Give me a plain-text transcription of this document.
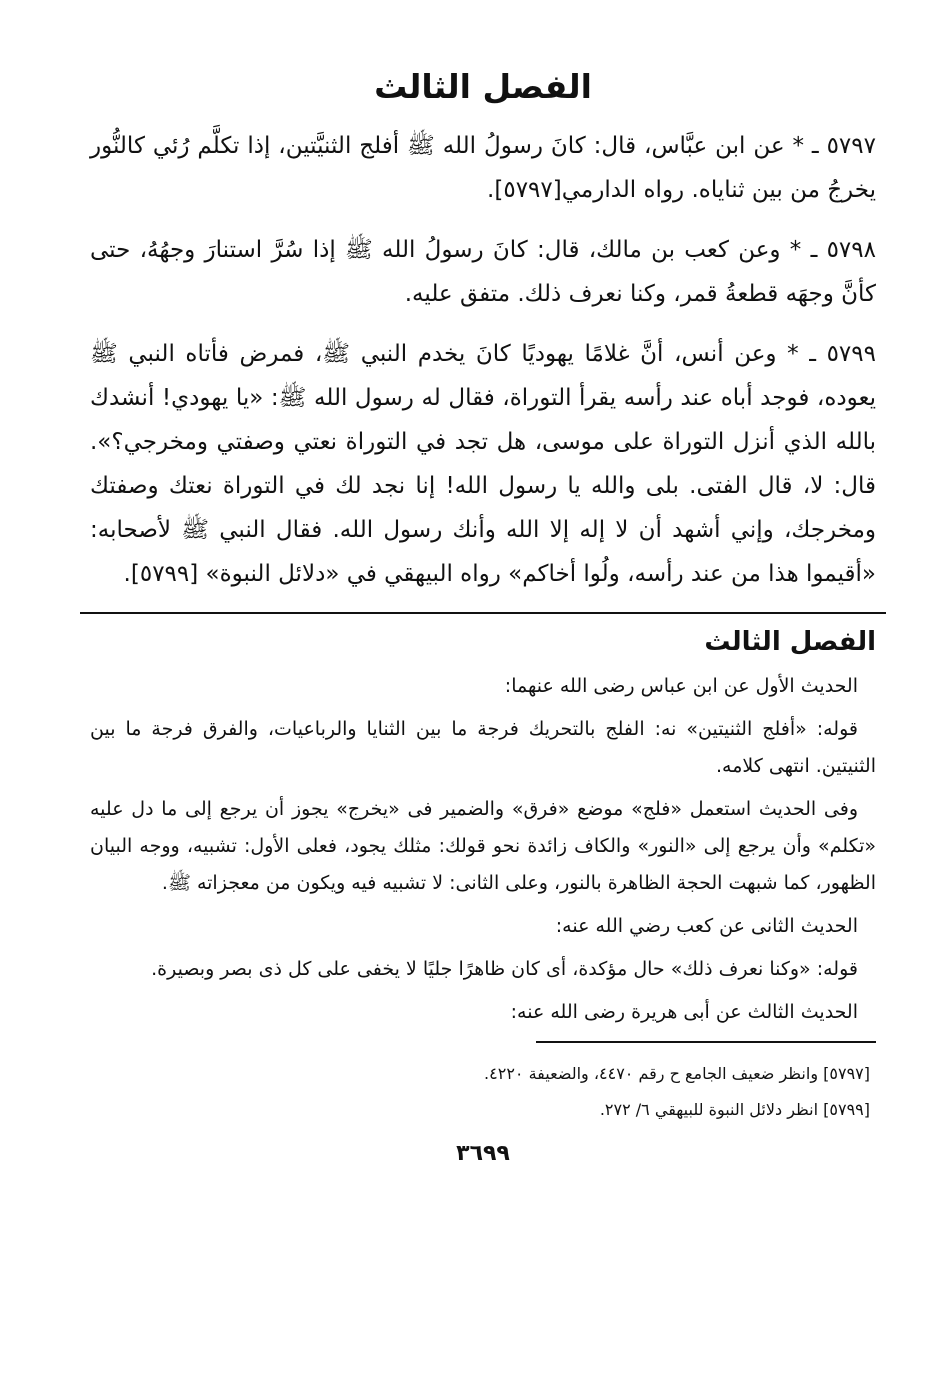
الفصل الثالث

٥٧٩٧ ـ * عن ابن عبَّاس، قال: كانَ رسولُ الله ﷺ أفلج الثنيَّتين، إذا تكلَّم رُئي كالنُّور يخرجُ من بين ثناياه. رواه الدارمي[٥٧٩٧].

٥٧٩٨ ـ * وعن كعب بن مالك، قال: كانَ رسولُ الله ﷺ إذا سُرَّ استنارَ وجهُهُ، حتى كأنَّ وجهَه قطعةُ قمر، وكنا نعرف ذلك. متفق عليه.

٥٧٩٩ ـ * وعن أنس، أنَّ غلامًا يهوديًا كانَ يخدم النبي ﷺ، فمرض فأتاه النبي ﷺ يعوده، فوجد أباه عند رأسه يقرأ التوراة، فقال له رسول الله ﷺ: «يا يهودي! أنشدك بالله الذي أنزل التوراة على موسى، هل تجد في التوراة نعتي وصفتي ومخرجي؟». قال: لا، قال الفتى. بلى والله يا رسول الله! إنا نجد لك في التوراة نعتك وصفتك ومخرجك، وإني أشهد أن لا إله إلا الله وأنك رسول الله. فقال النبي ﷺ لأصحابه: «أقيموا هذا من عند رأسه، ولُوا أخاكم» رواه البيهقي في «دلائل النبوة» [٥٧٩٩].

الفصل الثالث

الحديث الأول عن ابن عباس رضى الله عنهما:

قوله: «أفلج الثنيتين» نه: الفلج بالتحريك فرجة ما بين الثنايا والرباعيات، والفرق فرجة ما بين الثنيتين. انتهى كلامه.

وفى الحديث استعمل «فلج» موضع «فرق» والضمير فى «يخرج» يجوز أن يرجع إلى ما دل عليه «تكلم» وأن يرجع إلى «النور» والكاف زائدة نحو قولك: مثلك يجود، فعلى الأول: تشبيه، ووجه البيان الظهور، كما شبهت الحجة الظاهرة بالنور، وعلى الثانى: لا تشبيه فيه ويكون من معجزاته ﷺ.

الحديث الثانى عن كعب رضي الله عنه:

قوله: «وكنا نعرف ذلك» حال مؤكدة، أى كان ظاهرًا جليًا لا يخفى على كل ذى بصر وبصيرة.

الحديث الثالث عن أبى هريرة رضى الله عنه:

[٥٧٩٧] وانظر ضعيف الجامع ح رقم ٤٤٧٠، والضعيفة ٤٢٢٠.

[٥٧٩٩] انظر دلائل النبوة للبيهقي ٦/ ٢٧٢.

٣٦٩٩
